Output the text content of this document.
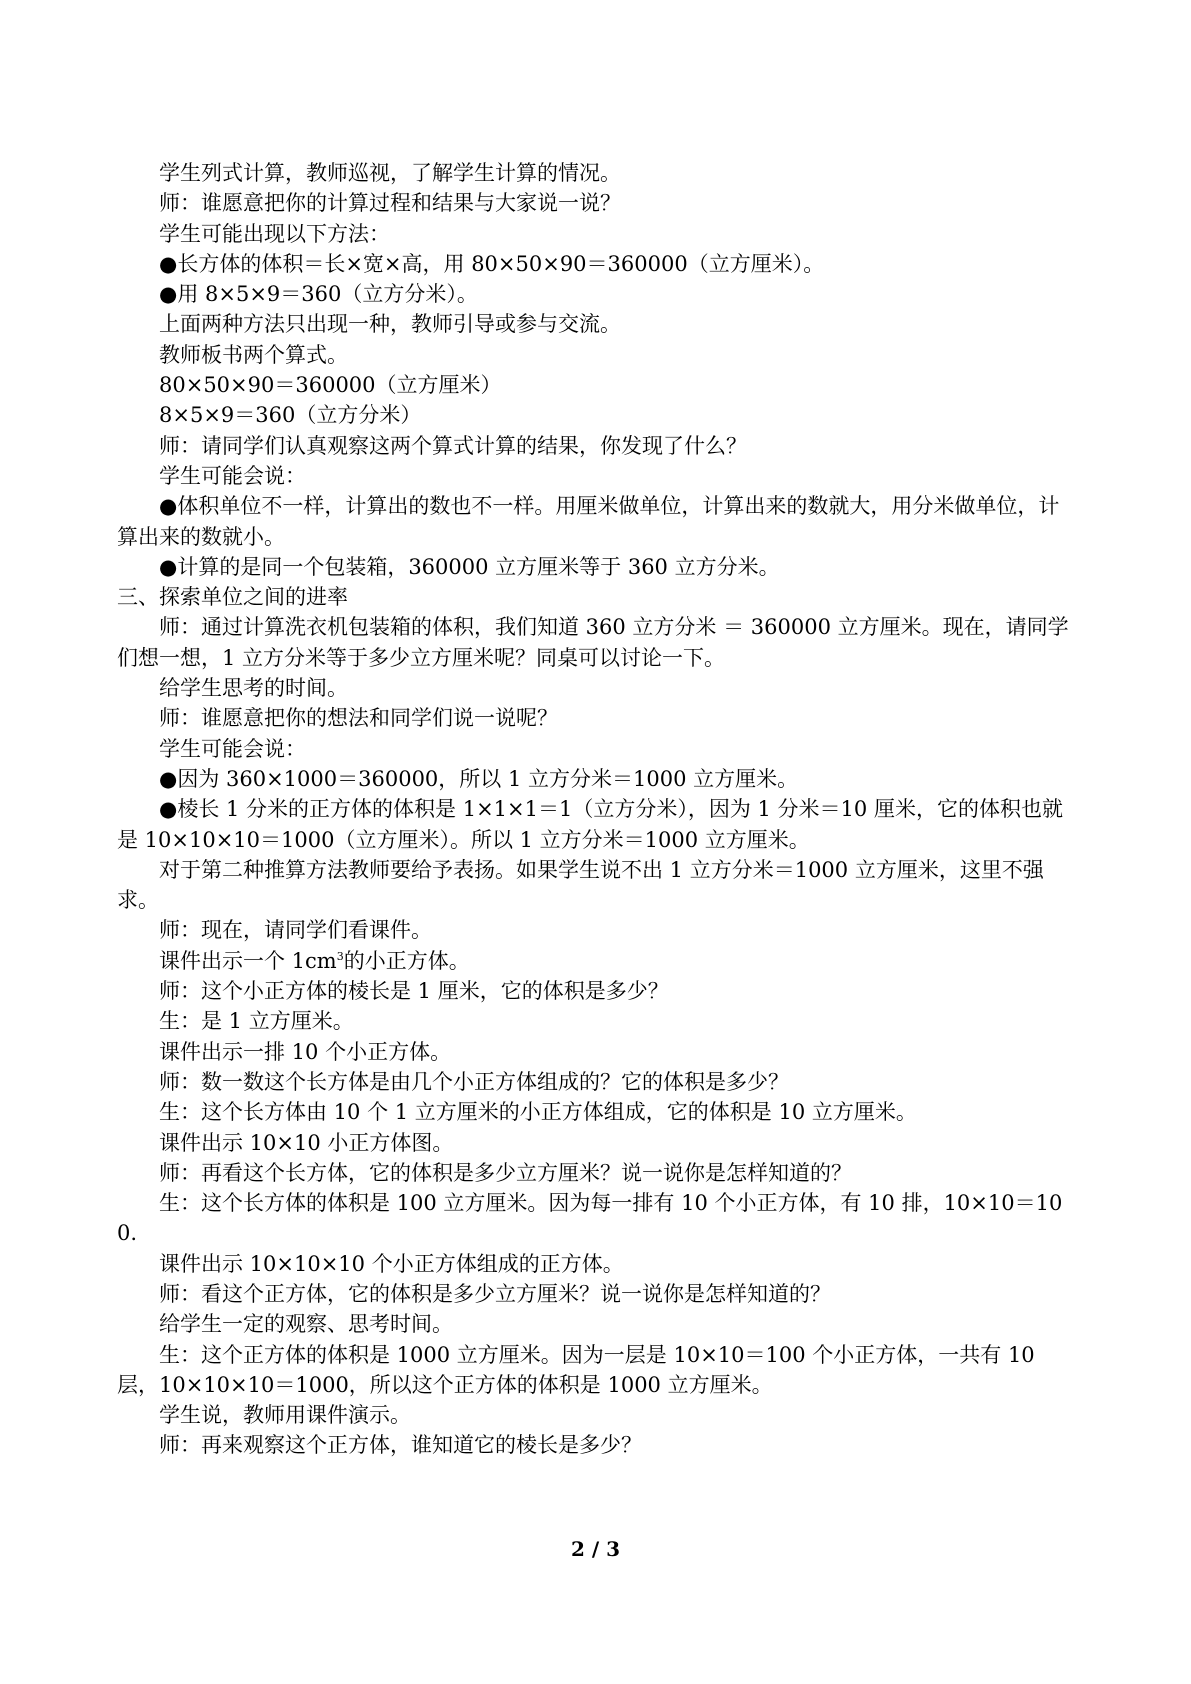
学生列式计算，教师巡视，了解学生计算的情况。

师：谁愿意把你的计算过程和结果与大家说一说？

学生可能出现以下方法：

●长方体的体积＝长×宽×高，用 80×50×90＝360000（立方厘米）。

●用 8×5×9＝360（立方分米）。

上面两种方法只出现一种，教师引导或参与交流。

教师板书两个算式。

80×50×90＝360000（立方厘米）

8×5×9＝360（立方分米）

师：请同学们认真观察这两个算式计算的结果，你发现了什么？

学生可能会说：

●体积单位不一样，计算出的数也不一样。用厘米做单位，计算出来的数就大，用分米做单位，计算出来的数就小。

●计算的是同一个包装箱，360000 立方厘米等于 360 立方分米。

三、探索单位之间的进率

师：通过计算洗衣机包装箱的体积，我们知道 360 立方分米 ＝ 360000 立方厘米。现在，请同学们想一想，1 立方分米等于多少立方厘米呢？同桌可以讨论一下。

给学生思考的时间。

师：谁愿意把你的想法和同学们说一说呢？

学生可能会说：

●因为 360×1000＝360000，所以 1 立方分米＝1000 立方厘米。

●棱长 1 分米的正方体的体积是 1×1×1＝1（立方分米），因为 1 分米＝10 厘米，它的体积也就是 10×10×10＝1000（立方厘米）。所以 1 立方分米＝1000 立方厘米。

对于第二种推算方法教师要给予表扬。如果学生说不出 1 立方分米＝1000 立方厘米，这里不强求。

师：现在，请同学们看课件。

课件出示一个 $1cm^3$的小正方体。

师：这个小正方体的棱长是 1 厘米，它的体积是多少？

生：是 1 立方厘米。

课件出示一排 10 个小正方体。

师：数一数这个长方体是由几个小正方体组成的？它的体积是多少？

生：这个长方体由 10 个 1 立方厘米的小正方体组成，它的体积是 10 立方厘米。

课件出示 10×10 小正方体图。

师：再看这个长方体，它的体积是多少立方厘米？说一说你是怎样知道的？

生：这个长方体的体积是 100 立方厘米。因为每一排有 10 个小正方体，有 10 排，10×10＝100.

课件出示 10×10×10 个小正方体组成的正方体。

师：看这个正方体，它的体积是多少立方厘米？说一说你是怎样知道的？

给学生一定的观察、思考时间。

生：这个正方体的体积是 1000 立方厘米。因为一层是 10×10＝100 个小正方体，一共有 10 层，10×10×10＝1000，所以这个正方体的体积是 1000 立方厘米。

学生说，教师用课件演示。

师：再来观察这个正方体，谁知道它的棱长是多少？

2 / 3
